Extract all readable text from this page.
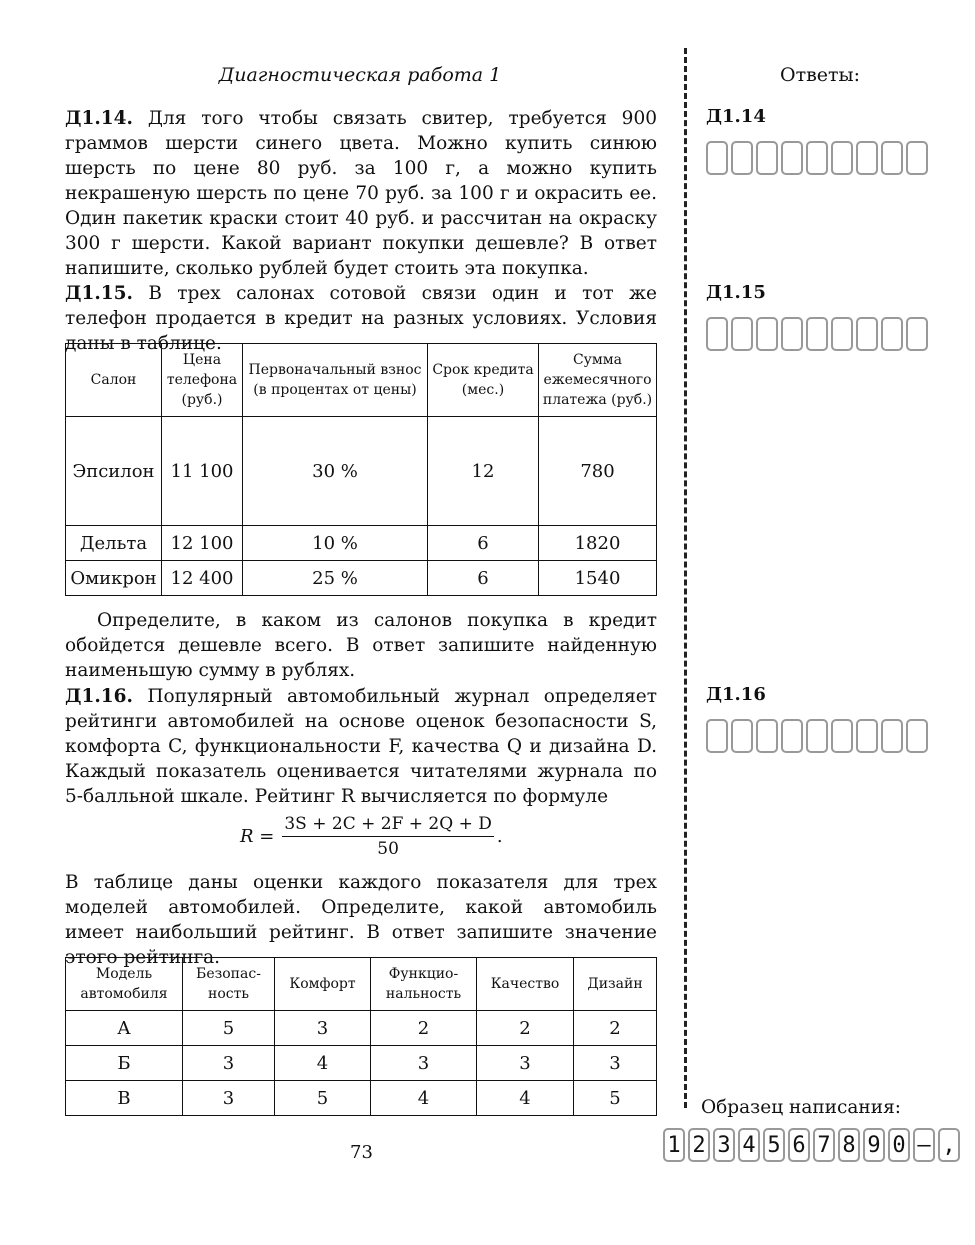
Диагностическая работа 1	Ответы:

Д1.14. Для того чтобы связать свитер, требуется 900 граммов шерсти синего цвета. Можно купить синюю шерсть по цене 80 руб. за 100 г, а можно купить некрашеную шерсть по цене 70 руб. за 100 г и окрасить ее. Один пакетик краски стоит 40 руб. и рассчитан на окраску 300 г шерсти. Какой вариант покупки дешевле? В ответ напишите, сколько рублей будет стоить эта покупка.

Д1.15. В трех салонах сотовой связи один и тот же телефон продается в кредит на разных условиях. Условия даны в таблице.

Салон	Цена телефона (руб.)	Первоначальный взнос (в процентах от цены)	Срок кредита (мес.)	Сумма ежемесячного платежа (руб.)
Эпсилон	11 100	30 %	12	780
Дельта	12 100	10 %	6	1820
Омикрон	12 400	25 %	6	1540

Определите, в каком из салонов покупка в кредит обойдется дешевле всего. В ответ запишите найденную наименьшую сумму в рублях.

Д1.16. Популярный автомобильный журнал определяет рейтинги автомобилей на основе оценок безопасности S, комфорта C, функциональности F, качества Q и дизайна D. Каждый показатель оценивается читателями журнала по 5-балльной шкале. Рейтинг R вычисляется по формуле

$R = \frac{3S + 2C + 2F + 2Q + D}{50}$ .

В таблице даны оценки каждого показателя для трех моделей автомобилей. Определите, какой автомобиль имеет наибольший рейтинг. В ответ запишите значение этого рейтинга.

Модель автомобиля	Безопас-ность	Комфорт	Функцио-нальность	Качество	Дизайн
А	5	3	2	2	2
Б	3	4	3	3	3
В	3	5	4	4	5
Д1.14
Д1.15
Д1.16
Образец написания:
1 2 3 4 5 6 7 8 9 0 – ,
73
